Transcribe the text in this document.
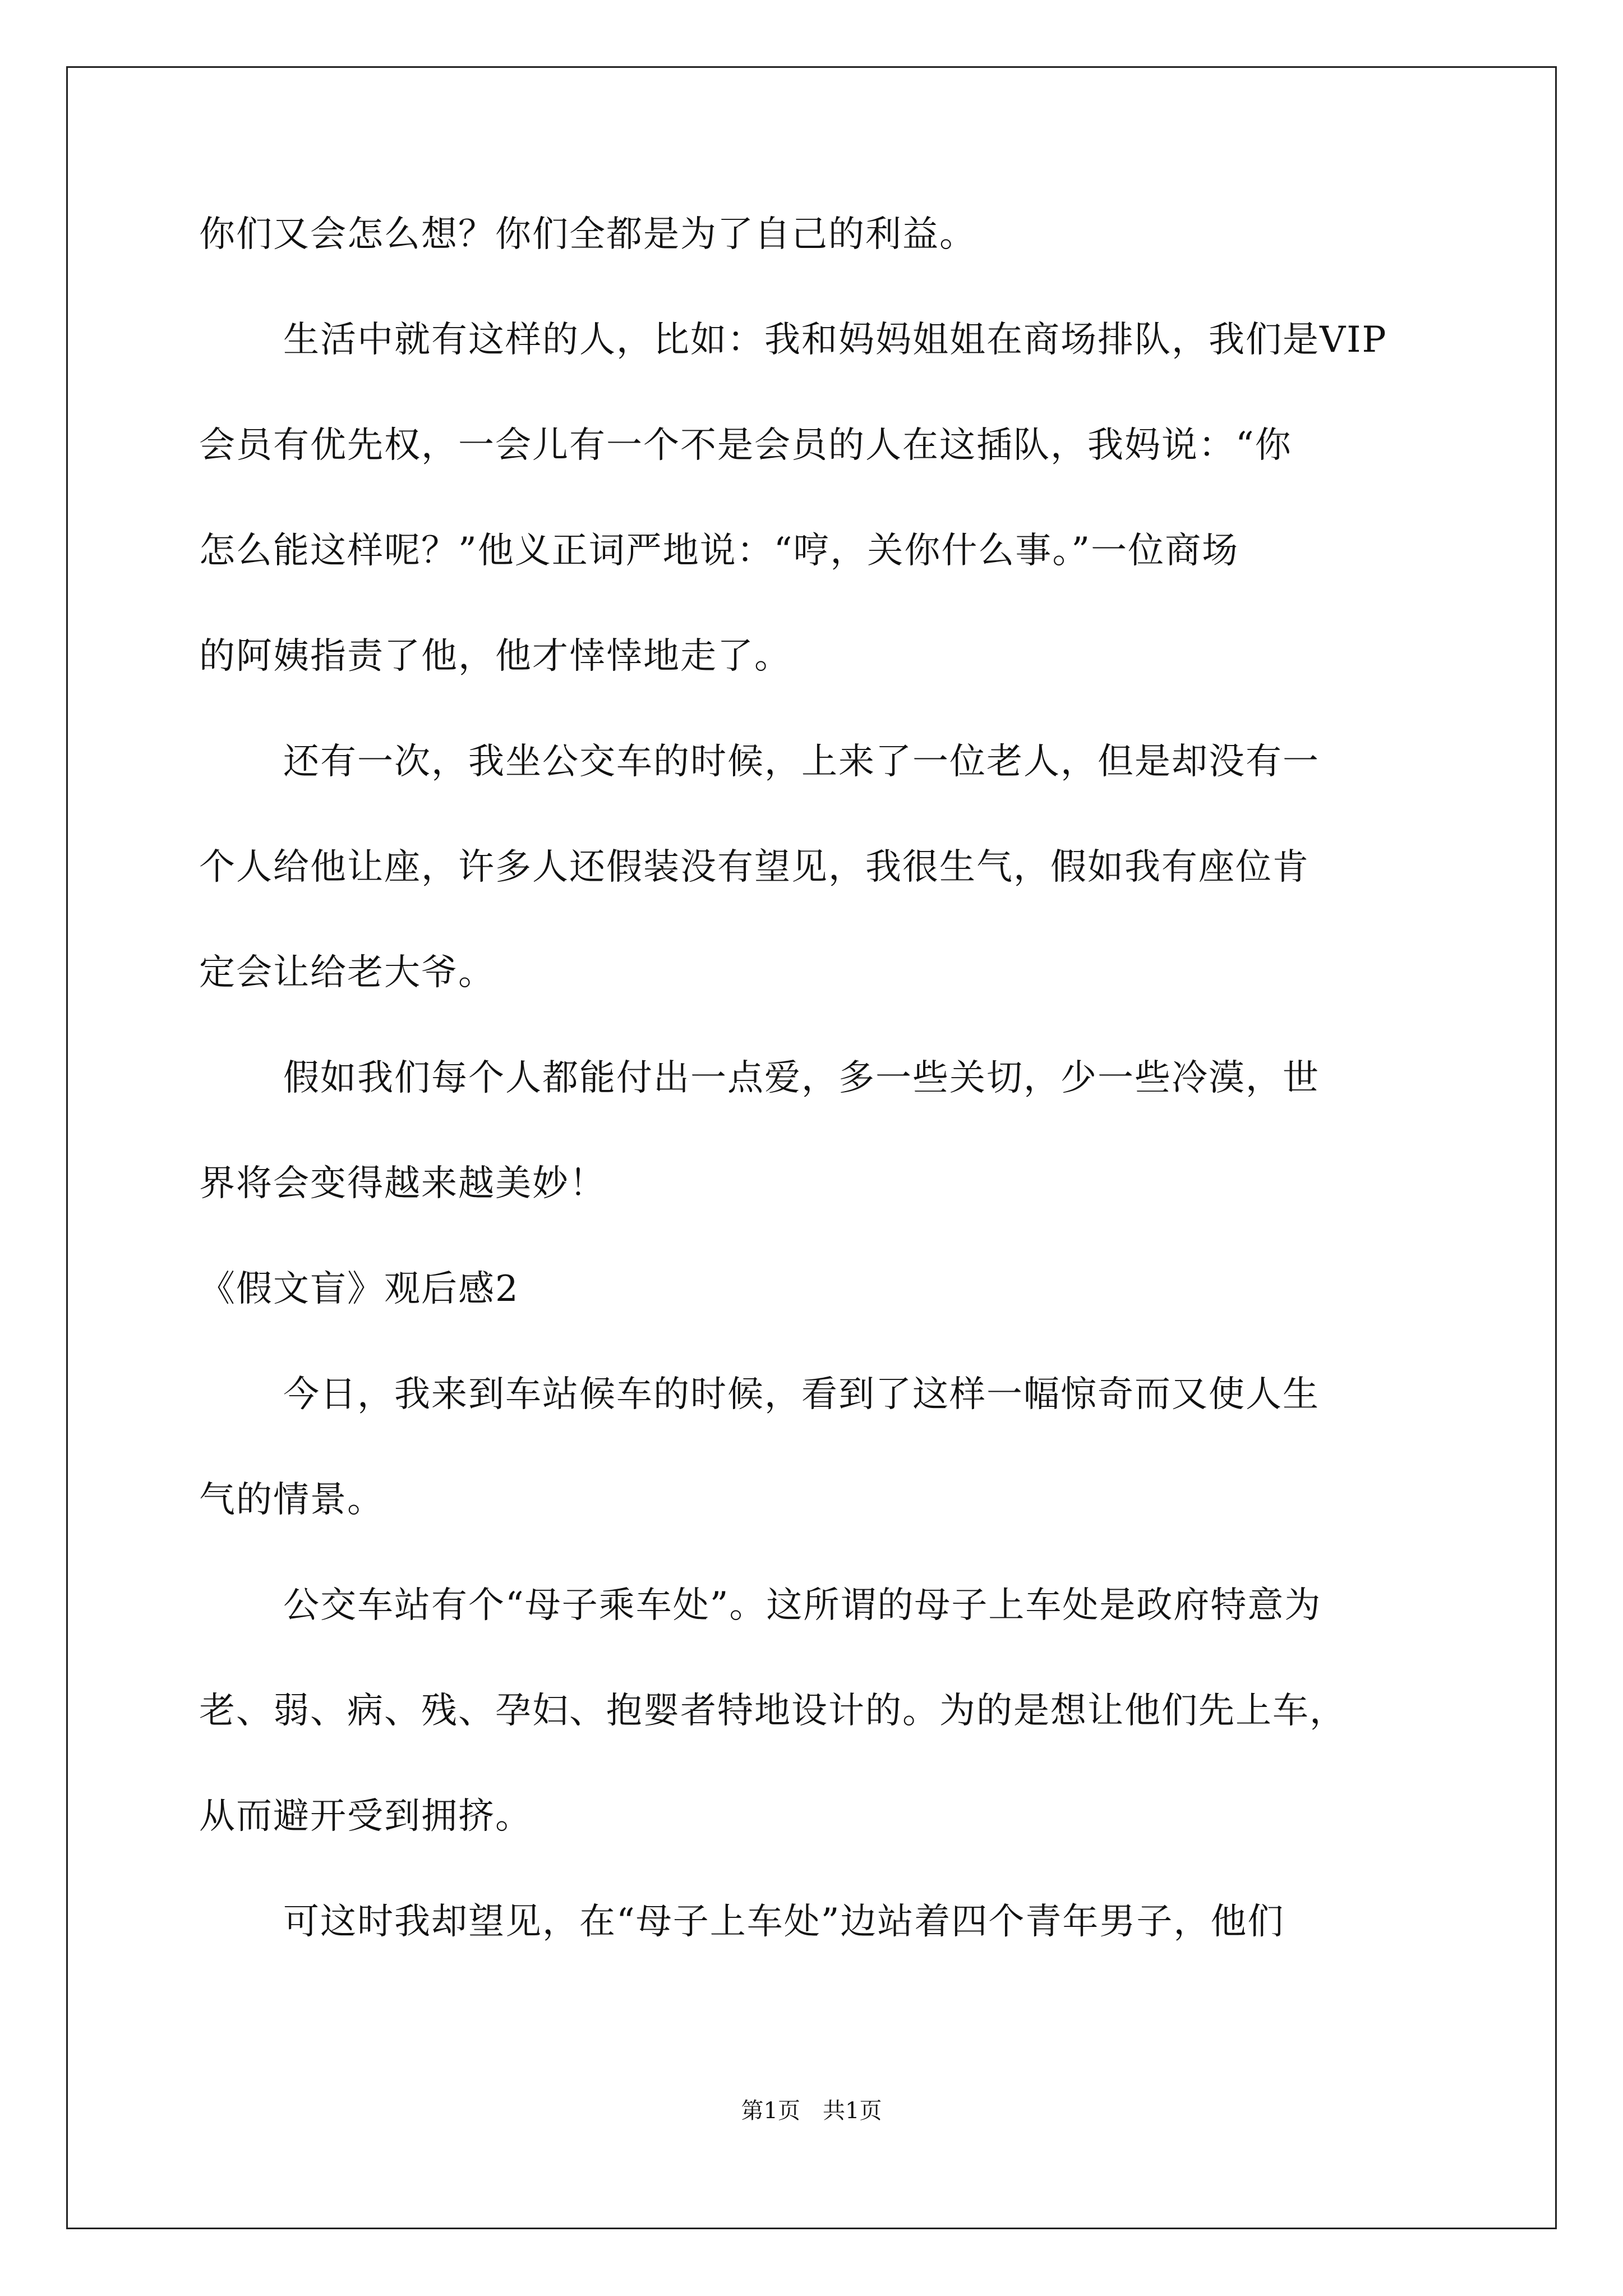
你们又会怎么想？你们全都是为了自己的利益。
生活中就有这样的人，比如：我和妈妈姐姐在商场排队，我们是VIP
会员有优先权，一会儿有一个不是会员的人在这插队，我妈说：“你
怎么能这样呢？”他义正词严地说：“哼，关你什么事。”一位商场
的阿姨指责了他，他才悻悻地走了。
还有一次，我坐公交车的时候，上来了一位老人，但是却没有一
个人给他让座，许多人还假装没有望见，我很生气，假如我有座位肯
定会让给老大爷。
假如我们每个人都能付出一点爱，多一些关切，少一些冷漠，世
界将会变得越来越美妙！
《假文盲》观后感2
今日，我来到车站候车的时候，看到了这样一幅惊奇而又使人生
气的情景。
公交车站有个“母子乘车处”。这所谓的母子上车处是政府特意为
老、弱、病、残、孕妇、抱婴者特地设计的。为的是想让他们先上车，
从而避开受到拥挤。
可这时我却望见，在“母子上车处”边站着四个青年男子，他们
第1页　共1页
